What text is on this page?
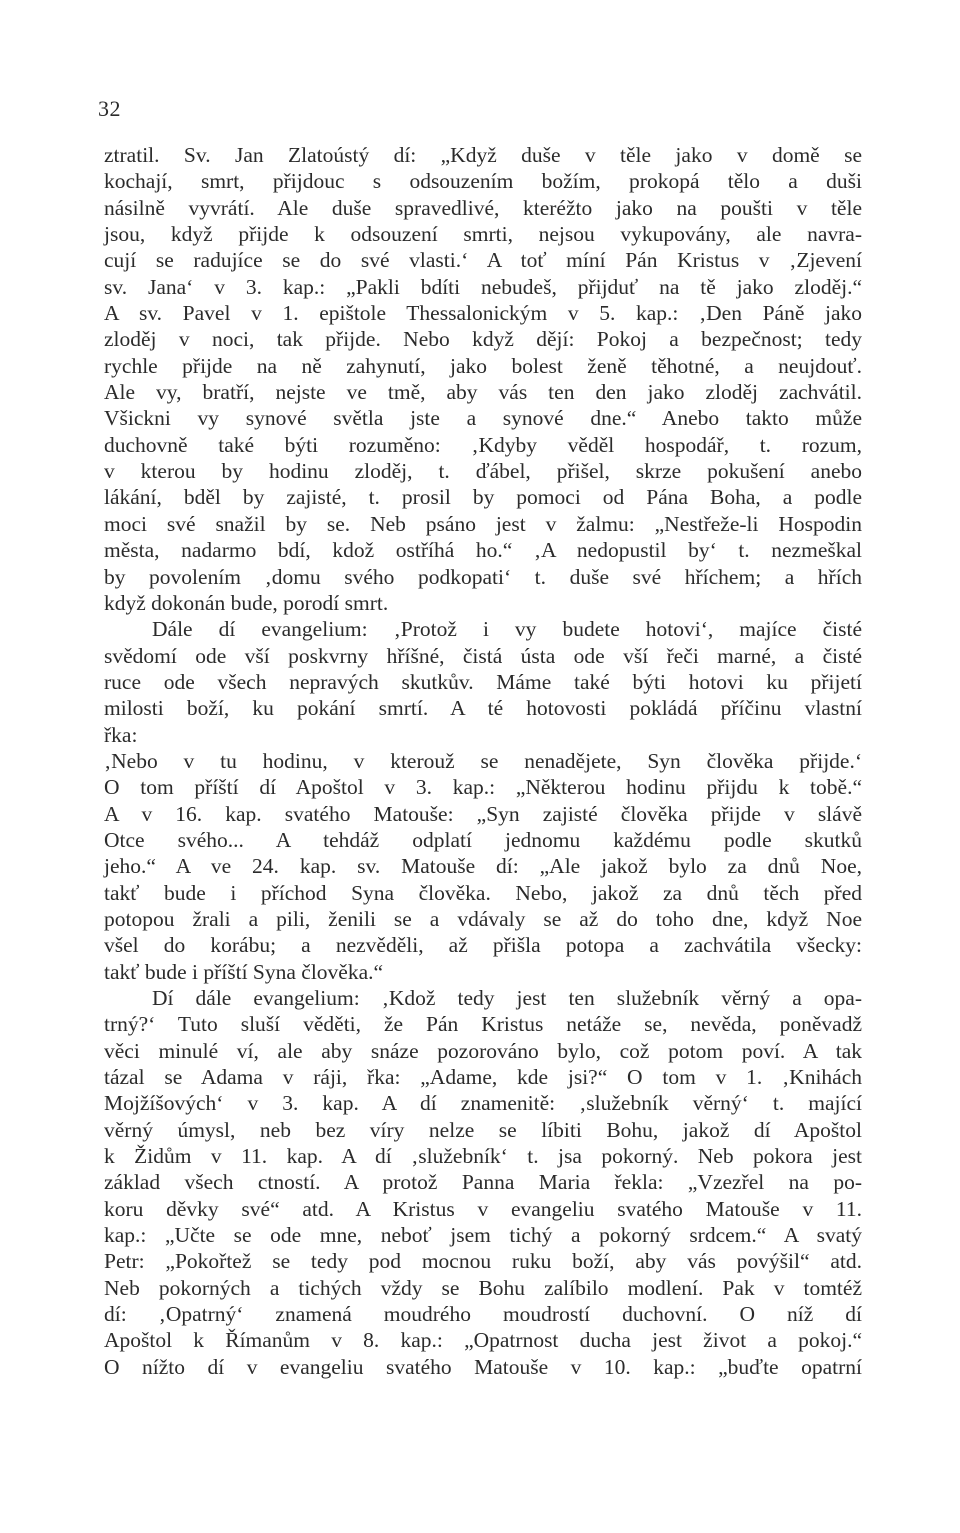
32
ztratil. Sv. Jan Zlatoústý dí: „Když duše v těle jako v domě se
kochají, smrt, přijdouc s odsouzením božím, prokopá tělo a duši
násilně vyvrátí. Ale duše spravedlivé, kteréžto jako na poušti v těle
jsou, když přijde k odsouzení smrti, nejsou vykupovány, ale navra-
cují se radujíce se do své vlasti.‘ A toť míní Pán Kristus v ‚Zjevení
sv. Jana‘ v 3. kap.: „Pakli bdíti nebudeš, přijduť na tě jako zloděj.“
A sv. Pavel v 1. epištole Thessalonickým v 5. kap.: ‚Den Páně jako
zloděj v noci, tak přijde. Nebo když dějí: Pokoj a bezpečnost; tedy
rychle přijde na ně zahynutí, jako bolest ženě těhotné, a neujdouť.
Ale vy, bratří, nejste ve tmě, aby vás ten den jako zloděj zachvátil.
Všickni vy synové světla jste a synové dne.“ Anebo takto může
duchovně také býti rozuměno: ‚Kdyby věděl hospodář, t. rozum,
v kterou by hodinu zloděj, t. ďábel, přišel, skrze pokušení anebo
lákání, bděl by zajisté, t. prosil by pomoci od Pána Boha, a podle
moci své snažil by se. Neb psáno jest v žalmu: „Nestřeže-li Hospodin
města, nadarmo bdí, kdož ostříhá ho.“ ‚A nedopustil by‘ t. nezmeškal
by povolením ‚domu svého podkopati‘ t. duše své hříchem; a hřích
když dokonán bude, porodí smrt.
Dále dí evangelium: ‚Protož i vy budete hotovi‘, majíce čisté
svědomí ode vší poskvrny hříšné, čistá ústa ode vší řeči marné, a čisté
ruce ode všech nepravých skutkův. Máme také býti hotovi ku přijetí
milosti boží, ku pokání smrtí. A té hotovosti pokládá příčinu vlastní
řka:
‚Nebo v tu hodinu, v kterouž se nenadějete, Syn člověka přijde.‘
O tom příští dí Apoštol v 3. kap.: „Některou hodinu přijdu k tobě.“
A v 16. kap. svatého Matouše: „Syn zajisté člověka přijde v slávě
Otce svého... A tehdáž odplatí jednomu každému podle skutků
jeho.“ A ve 24. kap. sv. Matouše dí: „Ale jakož bylo za dnů Noe,
takť bude i příchod Syna člověka. Nebo, jakož za dnů těch před
potopou žrali a pili, ženili se a vdávaly se až do toho dne, když Noe
všel do korábu; a nezvěděli, až přišla potopa a zachvátila všecky:
takť bude i příští Syna člověka.“
Dí dále evangelium: ‚Kdož tedy jest ten služebník věrný a opa-
trný?‘ Tuto sluší věděti, že Pán Kristus netáže se, nevěda, poněvadž
věci minulé ví, ale aby snáze pozorováno bylo, což potom poví. A tak
tázal se Adama v ráji, řka: „Adame, kde jsi?“ O tom v 1. ‚Knihách
Mojžíšových‘ v 3. kap. A dí znamenitě: ‚služebník věrný‘ t. mající
věrný úmysl, neb bez víry nelze se líbiti Bohu, jakož dí Apoštol
k Židům v 11. kap. A dí ‚služebník‘ t. jsa pokorný. Neb pokora jest
základ všech ctností. A protož Panna Maria řekla: „Vzezřel na po-
koru děvky své“ atd. A Kristus v evangeliu svatého Matouše v 11.
kap.: „Učte se ode mne, neboť jsem tichý a pokorný srdcem.“ A svatý
Petr: „Pokořtež se tedy pod mocnou ruku boží, aby vás povýšil“ atd.
Neb pokorných a tichých vždy se Bohu zalíbilo modlení. Pak v tomtéž
dí: ‚Opatrný‘ znamená moudrého moudrostí duchovní. O níž dí
Apoštol k Římanům v 8. kap.: „Opatrnost ducha jest život a pokoj.“
O nížto dí v evangeliu svatého Matouše v 10. kap.: „buďte opatrní
